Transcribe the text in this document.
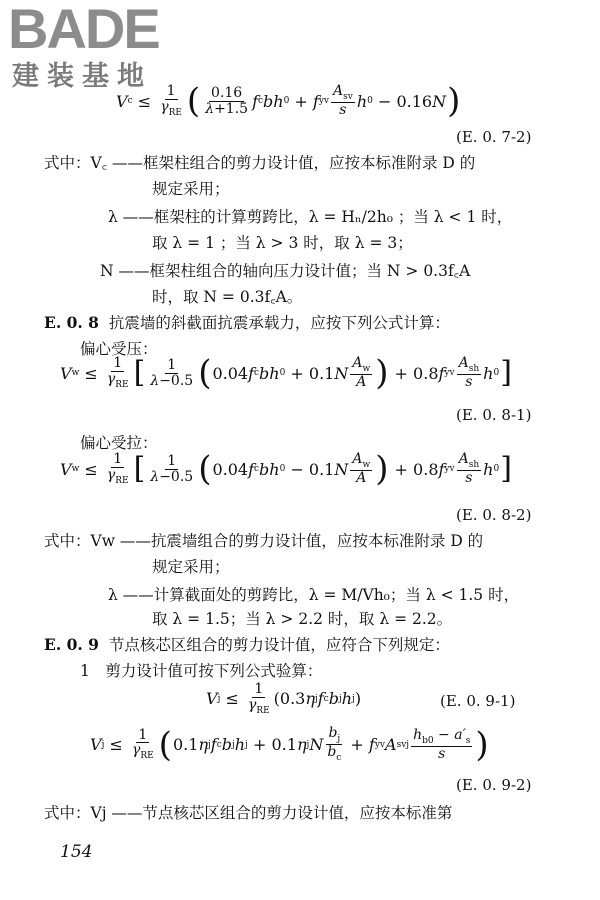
BADE
建装基地
V $c \le \frac{1}{\gamma_{RE}}$ ( $\frac{0.16}{\lambda+1.5}$ f c bh 0 + f yv $\frac{A_{sv}}{s}$ h 0 − 0.16 N )
(E. 0. 7-2)
式中：V꜀ ——框架柱组合的剪力设计值，应按本标准附录 D 的
规定采用；
λ ——框架柱的计算剪跨比，λ = Hₙ/2h₀ ；当 λ < 1 时，
取 λ = 1 ；当 λ > 3 时，取 λ = 3；
N ——框架柱组合的轴向压力设计值；当 N > 0.3f꜀A
时，取 N = 0.3f꜀A。
E. 0. 8 抗震墙的斜截面抗震承载力，应按下列公式计算：
偏心受压：
V $w \le \frac{1}{\gamma_{RE}}$ [ $\frac{1}{\lambda-0.5}$ ( 0.04 f c bh 0 + 0.1 N $\frac{A_w}{A}$ ) + 0.8 f yv $\frac{A_{sh}}{s}$ h 0 ]
(E. 0. 8-1)
偏心受拉：
V $w \le \frac{1}{\gamma_{RE}}$ [ $\frac{1}{\lambda-0.5}$ ( 0.04 f c bh 0 − 0.1 N $\frac{A_w}{A}$ ) + 0.8 f yv $\frac{A_{sh}}{s}$ h 0 ]
(E. 0. 8-2)
式中：Vw ——抗震墙组合的剪力设计值，应按本标准附录 D 的
规定采用；
λ ——计算截面处的剪跨比，λ = M/Vh₀；当 λ < 1.5 时，
取 λ = 1.5；当 λ > 2.2 时，取 λ = 2.2。
E. 0. 9 节点核芯区组合的剪力设计值，应符合下列规定：
1　剪力设计值可按下列公式验算：
V $j \le \frac{1}{\gamma_{RE}} (0.3$ η j f c b j h j )	(E. 0. 9-1)
V $j \le \frac{1}{\gamma_{RE}}$ ( 0.1 η j f c b j h j + 0.1 η j N $\frac{b_j}{b_c} + f$ yv A svj $\frac{h_{b0} - a'_s}{s}$ )
(E. 0. 9-2)
式中：Vj ——节点核芯区组合的剪力设计值，应按本标准第
154
